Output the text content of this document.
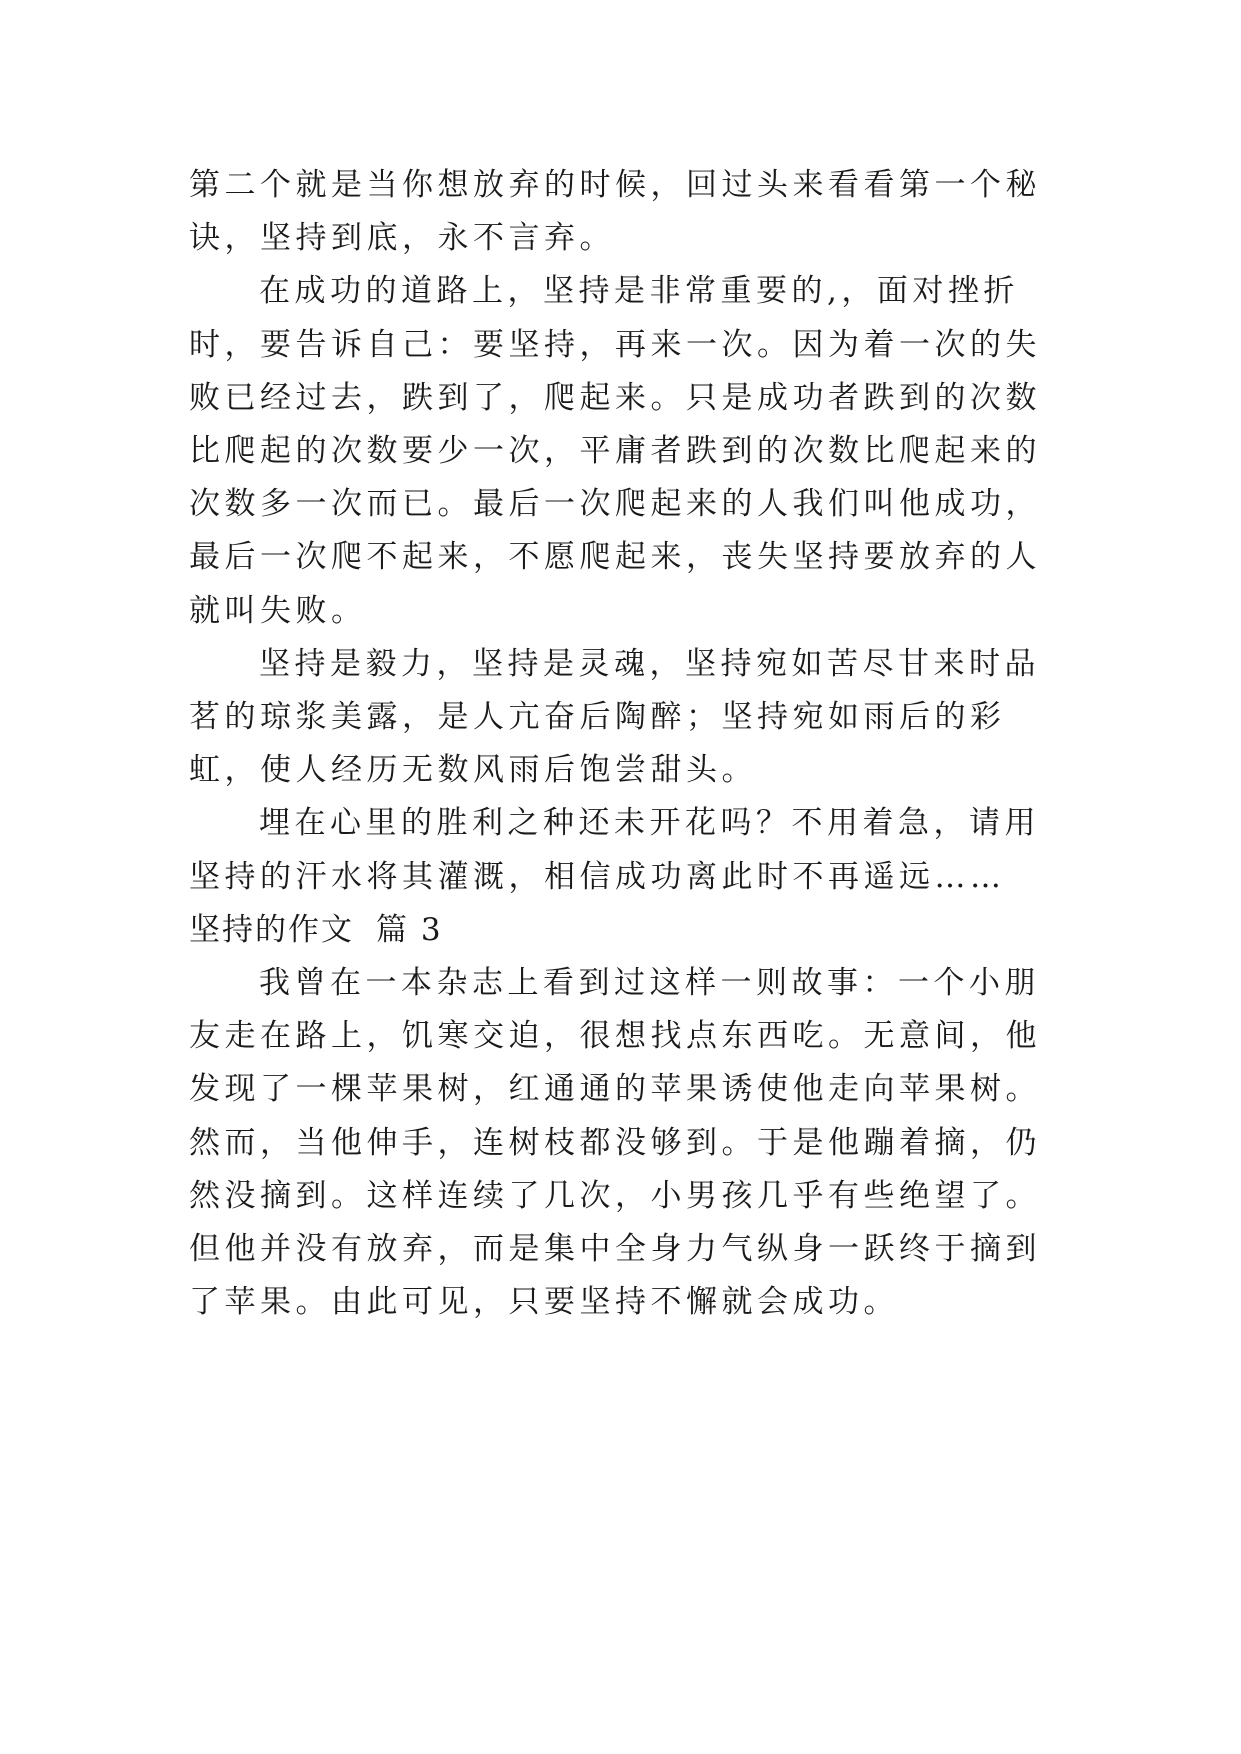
第二个就是当你想放弃的时候，回过头来看看第一个秘诀，坚持到底，永不言弃。

在成功的道路上，坚持是非常重要的,，面对挫折时，要告诉自己：要坚持，再来一次。因为着一次的失败已经过去，跌到了，爬起来。只是成功者跌到的次数比爬起的次数要少一次，平庸者跌到的次数比爬起来的次数多一次而已。最后一次爬起来的人我们叫他成功，最后一次爬不起来，不愿爬起来，丧失坚持要放弃的人就叫失败。

坚持是毅力，坚持是灵魂，坚持宛如苦尽甘来时品茗的琼浆美露，是人亢奋后陶醉；坚持宛如雨后的彩虹，使人经历无数风雨后饱尝甜头。

埋在心里的胜利之种还未开花吗？不用着急，请用坚持的汗水将其灌溉，相信成功离此时不再遥远……

坚持的作文 篇 3

我曾在一本杂志上看到过这样一则故事：一个小朋友走在路上，饥寒交迫，很想找点东西吃。无意间，他发现了一棵苹果树，红通通的苹果诱使他走向苹果树。然而，当他伸手，连树枝都没够到。于是他蹦着摘，仍然没摘到。这样连续了几次，小男孩几乎有些绝望了。但他并没有放弃，而是集中全身力气纵身一跃终于摘到了苹果。由此可见，只要坚持不懈就会成功。
